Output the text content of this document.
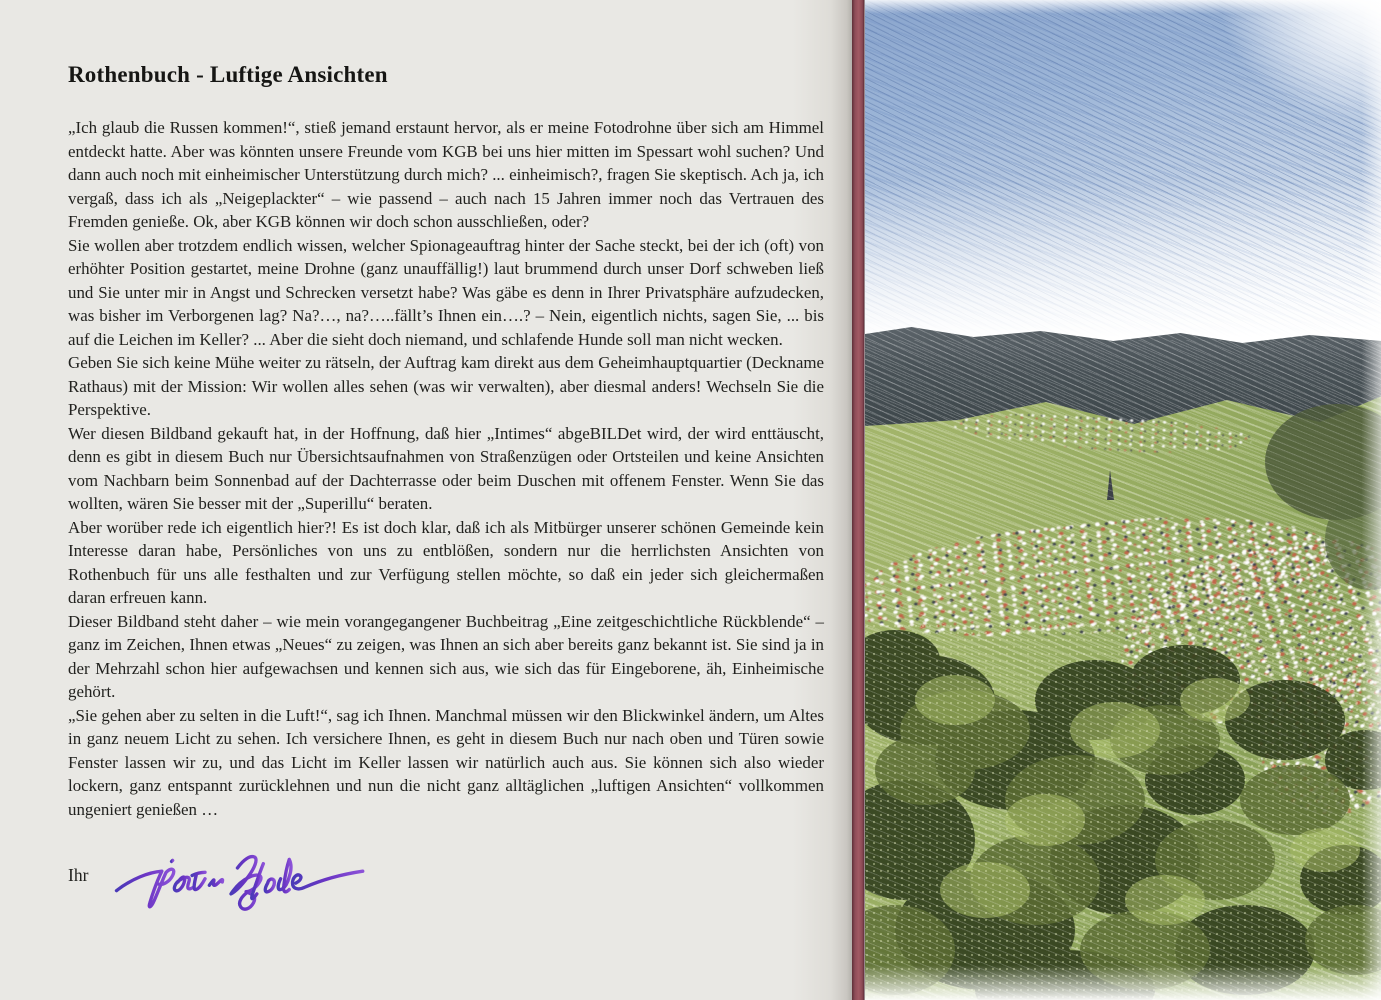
Rothenbuch - Luftige Ansichten

„Ich glaub die Russen kommen!“, stieß jemand erstaunt hervor, als er meine Fotodrohne über sich am Himmel entdeckt hatte. Aber was könnten unsere Freunde vom KGB bei uns hier mitten im Spessart wohl suchen? Und dann auch noch mit einheimischer Unterstützung durch mich? ... einheimisch?, fragen Sie skeptisch. Ach ja, ich vergaß, dass ich als „Neigeplackter“ – wie passend – auch nach 15 Jahren immer noch das Vertrauen des Fremden genieße. Ok, aber KGB können wir doch schon ausschließen, oder?

Sie wollen aber trotzdem endlich wissen, welcher Spionageauftrag hinter der Sache steckt, bei der ich (oft) von erhöhter Position gestartet, meine Drohne (ganz unauffällig!) laut brummend durch unser Dorf schweben ließ und Sie unter mir in Angst und Schrecken versetzt habe? Was gäbe es denn in Ihrer Privatsphäre aufzudecken, was bisher im Verborgenen lag? Na?…, na?…..fällt’s Ihnen ein….? – Nein, eigentlich nichts, sagen Sie, ... bis auf die Leichen im Keller? ... Aber die sieht doch niemand, und schlafende Hunde soll man nicht wecken.

Geben Sie sich keine Mühe weiter zu rätseln, der Auftrag kam direkt aus dem Geheimhauptquartier (Deckname Rathaus) mit der Mission: Wir wollen alles sehen (was wir verwalten), aber diesmal anders! Wechseln Sie die Perspektive.

Wer diesen Bildband gekauft hat, in der Hoffnung, daß hier „Intimes“ abgeBILDet wird, der wird enttäuscht, denn es gibt in diesem Buch nur Übersichtsaufnahmen von Straßenzügen oder Ortsteilen und keine Ansichten vom Nachbarn beim Sonnenbad auf der Dachterrasse oder beim Duschen mit offenem Fenster. Wenn Sie das wollten, wären Sie besser mit der „Superillu“ beraten.

Aber worüber rede ich eigentlich hier?! Es ist doch klar, daß ich als Mitbürger unserer schönen Gemeinde kein Interesse daran habe, Persönliches von uns zu entblößen, sondern nur die herrlichsten Ansichten von Rothenbuch für uns alle festhalten und zur Verfügung stellen möchte, so daß ein jeder sich gleichermaßen daran erfreuen kann.

Dieser Bildband steht daher – wie mein vorangegangener Buchbeitrag „Eine zeitgeschichtliche Rückblende“ – ganz im Zeichen, Ihnen etwas „Neues“ zu zeigen, was Ihnen an sich aber bereits ganz bekannt ist. Sie sind ja in der Mehrzahl schon hier aufgewachsen und kennen sich aus, wie sich das für Eingeborene, äh, Einheimische gehört.

„Sie gehen aber zu selten in die Luft!“, sag ich Ihnen. Manchmal müssen wir den Blickwinkel ändern, um Altes in ganz neuem Licht zu sehen. Ich versichere Ihnen, es geht in diesem Buch nur nach oben und Türen sowie Fenster lassen wir zu, und das Licht im Keller lassen wir natürlich auch aus. Sie können sich also wieder lockern, ganz entspannt zurücklehnen und nun die nicht ganz alltäglichen „luftigen Ansichten“ vollkommen ungeniert genießen …

Ihr
